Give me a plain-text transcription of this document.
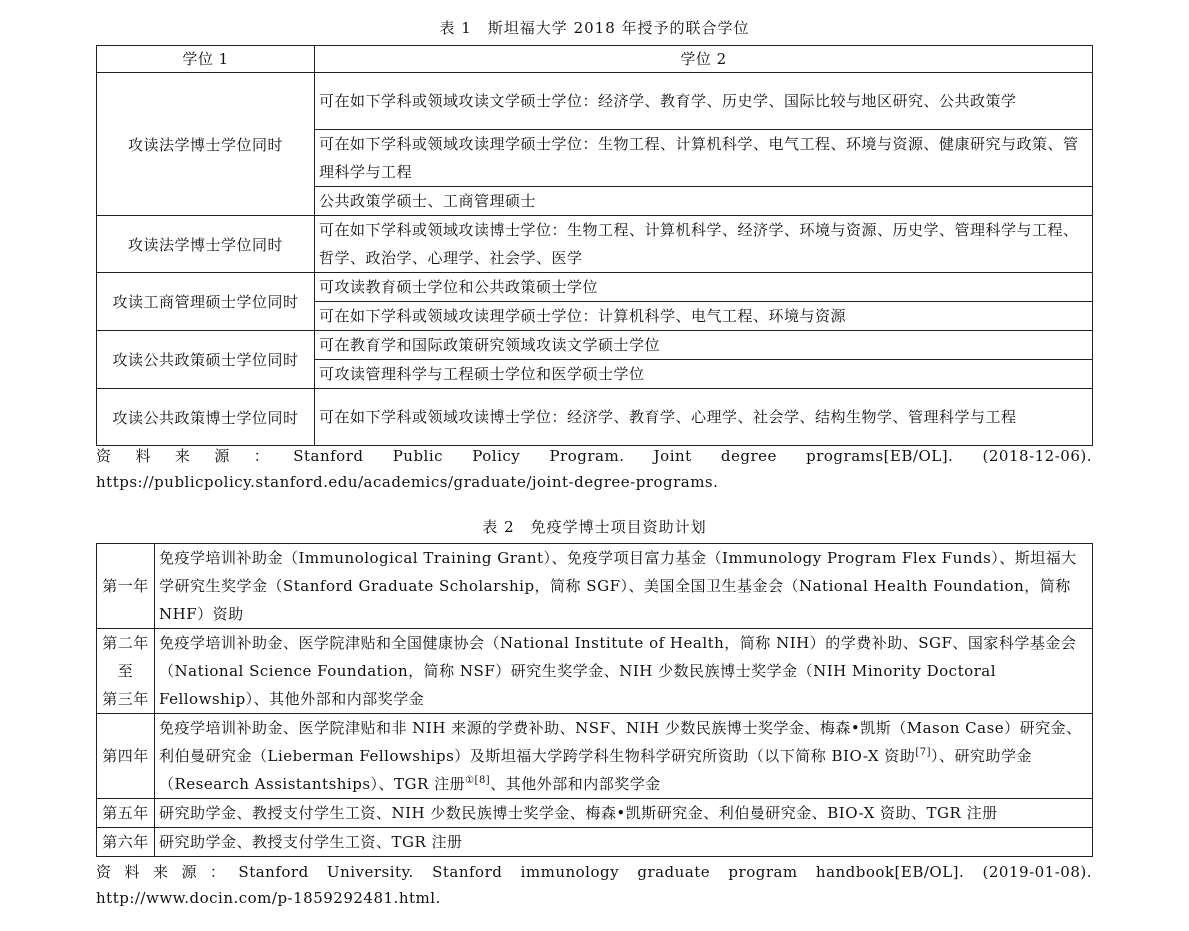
表 1 斯坦福大学 2018 年授予的联合学位
学位 1	学位 2
攻读法学博士学位同时	可在如下学科或领域攻读文学硕士学位：经济学、教育学、历史学、国际比较与地区研究、公共政策学
	可在如下学科或领域攻读理学硕士学位：生物工程、计算机科学、电气工程、环境与资源、健康研究与政策、管理科学与工程
	公共政策学硕士、工商管理硕士
攻读法学博士学位同时	可在如下学科或领域攻读博士学位：生物工程、计算机科学、经济学、环境与资源、历史学、管理科学与工程、哲学、政治学、心理学、社会学、医学
攻读工商管理硕士学位同时	可攻读教育硕士学位和公共政策硕士学位
	可在如下学科或领域攻读理学硕士学位：计算机科学、电气工程、环境与资源
攻读公共政策硕士学位同时	可在教育学和国际政策研究领域攻读文学硕士学位
	可攻读管理科学与工程硕士学位和医学硕士学位
攻读公共政策博士学位同时	可在如下学科或领域攻读博士学位：经济学、教育学、心理学、社会学、结构生物学、管理科学与工程
资料来源：Stanford Public Policy Program. Joint degree programs[EB/OL]. (2018-12-06). https://publicpolicy.stanford.edu/academics/graduate/joint-degree-programs.
表 2 免疫学博士项目资助计划
第一年	免疫学培训补助金（Immunological Training Grant）、免疫学项目富力基金（Immunology Program Flex Funds）、斯坦福大学研究生奖学金（Stanford Graduate Scholarship，简称 SGF）、美国全国卫生基金会（National Health Foundation，简称 NHF）资助

第二年
至
第三年	免疫学培训补助金、医学院津贴和全国健康协会（National Institute of Health，简称 NIH）的学费补助、SGF、国家科学基金会（National Science Foundation，简称 NSF）研究生奖学金、NIH 少数民族博士奖学金（NIH Minority Doctoral Fellowship）、其他外部和内部奖学金

第四年	免疫学培训补助金、医学院津贴和非 NIH 来源的学费补助、NSF、NIH 少数民族博士奖学金、梅森•凯斯（Mason Case）研究金、利伯曼研究金（Lieberman Fellowships）及斯坦福大学跨学科生物科学研究所资助（以下简称 BIO-X 资助[7]）、研究助学金（Research Assistantships）、TGR 注册$^{①[8]}$、其他外部和内部奖学金

第五年	研究助学金、教授支付学生工资、NIH 少数民族博士奖学金、梅森•凯斯研究金、利伯曼研究金、BIO-X 资助、TGR 注册

第六年	研究助学金、教授支付学生工资、TGR 注册
资料来源：Stanford University. Stanford immunology graduate program handbook[EB/OL]. (2019-01-08). http://www.docin.com/p-1859292481.html.
